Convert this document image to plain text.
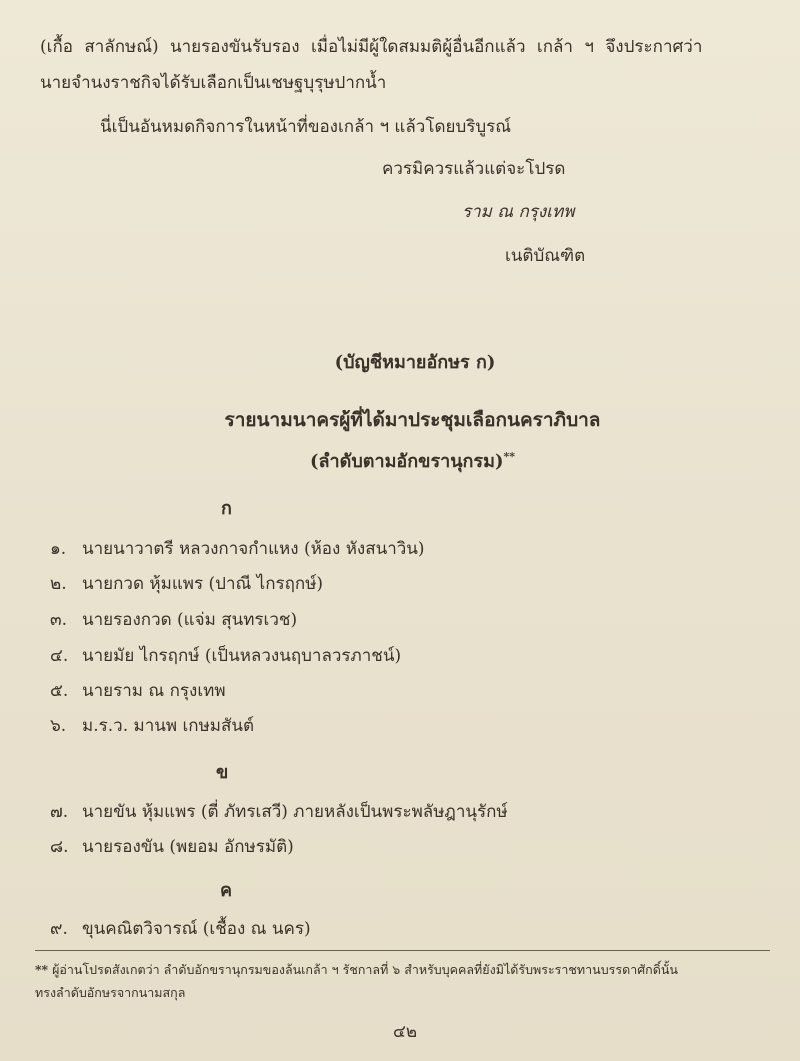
(เกื้อ สาลักษณ์) นายรองขันรับรอง เมื่อไม่มีผู้ใดสมมติผู้อื่นอีกแล้ว เกล้า ฯ จึงประกาศว่า
นายจำนงราชกิจได้รับเลือกเป็นเชษฐบุรุษปากน้ำ
นี่เป็นอันหมดกิจการในหน้าที่ของเกล้า ฯ แล้วโดยบริบูรณ์
ควรมิควรแล้วแต่จะโปรด
ราม ณ กรุงเทพ
เนติบัณฑิต
(บัญชีหมายอักษร ก)
รายนามนาครผู้ที่ได้มาประชุมเลือกนคราภิบาล
(ลำดับตามอักขรานุกรม)**
ก
๑. นายนาวาตรี หลวงกาจกำแหง (ห้อง หังสนาวิน)
๒. นายกวด หุ้มแพร (ปาณี ไกรฤกษ์)
๓. นายรองกวด (แจ่ม สุนทรเวช)
๔. นายมัย ไกรฤกษ์ (เป็นหลวงนฤบาลวรภาชน์)
๕. นายราม ณ กรุงเทพ
๖. ม.ร.ว. มานพ เกษมสันต์
ข
๗. นายขัน หุ้มแพร (ตี่ ภัทรเสวี) ภายหลังเป็นพระพลัษฎานุรักษ์
๘. นายรองขัน (พยอม อักษรมัติ)
ค
๙. ขุนคณิตวิจารณ์ (เชื้อง ณ นคร)
** ผู้อ่านโปรดสังเกตว่า ลำดับอักขรานุกรมของล้นเกล้า ฯ รัชกาลที่ ๖ สำหรับบุคคลที่ยังมิได้รับพระราชทานบรรดาศักดิ์นั้น
ทรงลำดับอักษรจากนามสกุล
๔๒
